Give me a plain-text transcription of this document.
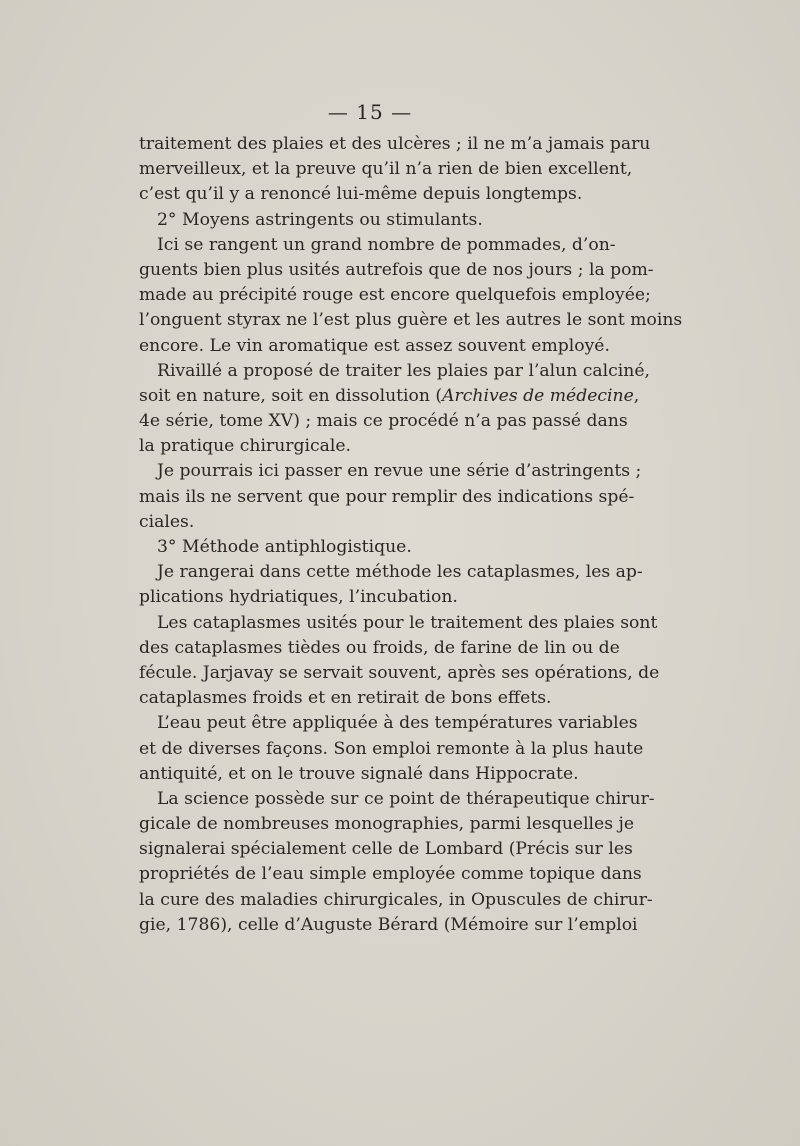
— 15 —
traitement des plaies et des ulcères ; il ne m’a jamais paru
merveilleux, et la preuve qu’il n’a rien de bien excellent,
c’est qu’il y a renoncé lui-même depuis longtemps.
2° Moyens astringents ou stimulants.
Ici se rangent un grand nombre de pommades, d’on-
guents bien plus usités autrefois que de nos jours ; la pom-
made au précipité rouge est encore quelquefois employée;
l’onguent styrax ne l’est plus guère et les autres le sont moins
encore. Le vin aromatique est assez souvent employé.
Rivaillé a proposé de traiter les plaies par l’alun calciné,
soit en nature, soit en dissolution (Archives de médecine,
4e série, tome XV) ; mais ce procédé n’a pas passé dans
la pratique chirurgicale.
Je pourrais ici passer en revue une série d’astringents ;
mais ils ne servent que pour remplir des indications spé-
ciales.
3° Méthode antiphlogistique.
Je rangerai dans cette méthode les cataplasmes, les ap-
plications hydriatiques, l’incubation.
Les cataplasmes usités pour le traitement des plaies sont
des cataplasmes tièdes ou froids, de farine de lin ou de
fécule. Jarjavay se servait souvent, après ses opérations, de
cataplasmes froids et en retirait de bons effets.
L’eau peut être appliquée à des températures variables
et de diverses façons. Son emploi remonte à la plus haute
antiquité, et on le trouve signalé dans Hippocrate.
La science possède sur ce point de thérapeutique chirur-
gicale de nombreuses monographies, parmi lesquelles je
signalerai spécialement celle de Lombard (Précis sur les
propriétés de l’eau simple employée comme topique dans
la cure des maladies chirurgicales, in Opuscules de chirur-
gie, 1786), celle d’Auguste Bérard (Mémoire sur l’emploi
